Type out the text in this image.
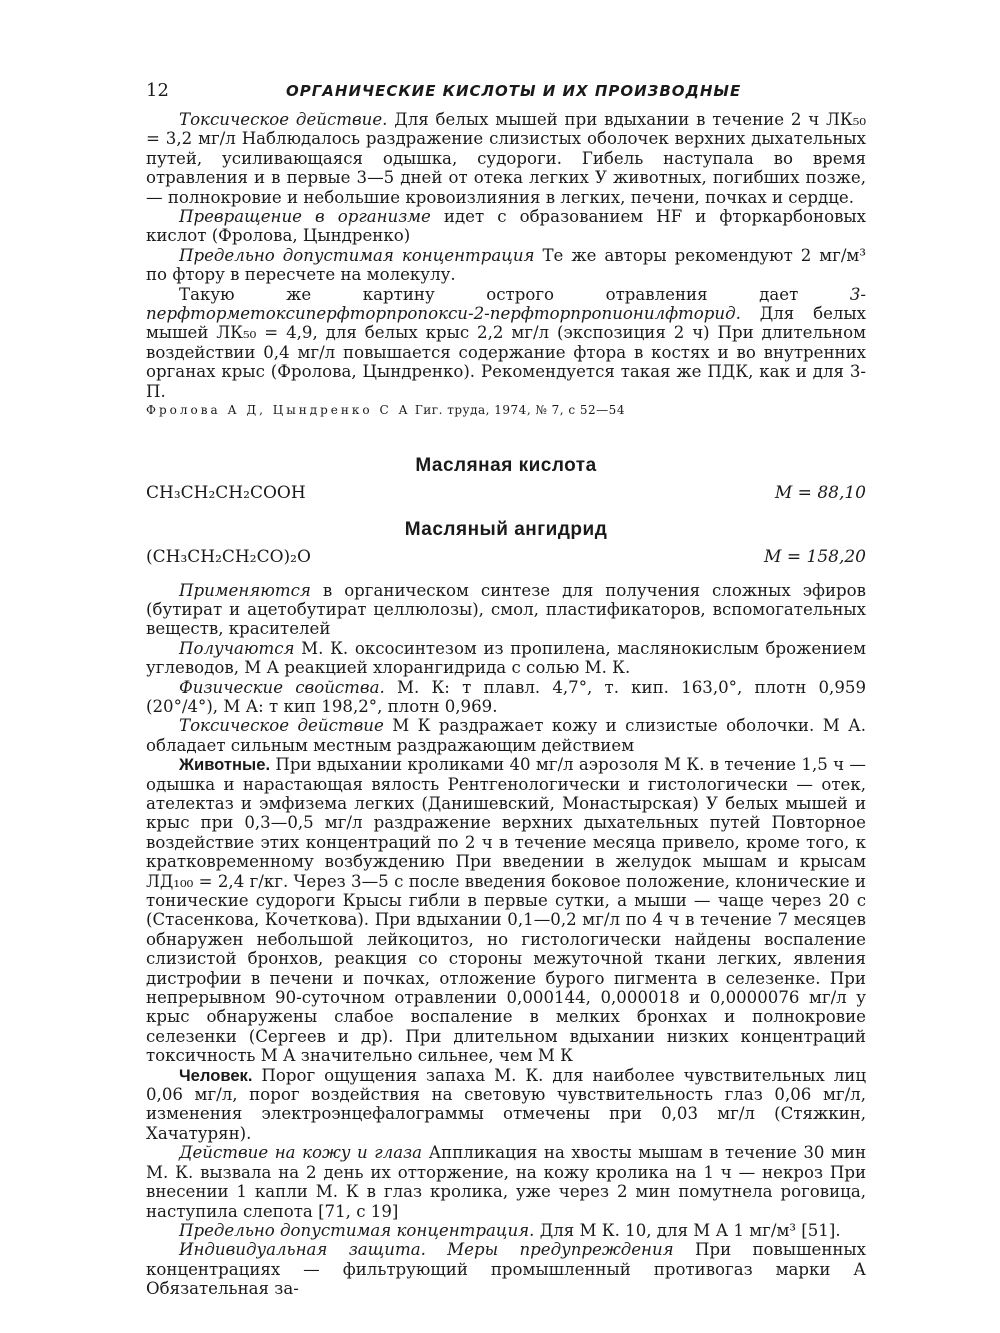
12	ОРГАНИЧЕСКИЕ КИСЛОТЫ И ИХ ПРОИЗВОДНЫЕ

Токсическое действие. Для белых мышей при вдыхании в течение 2 ч ЛК₅₀ = 3,2 мг/л Наблюдалось раздражение слизистых оболочек верхних дыхательных путей, усиливающаяся одышка, судороги. Гибель наступала во время отравления и в первые 3—5 дней от отека легких У животных, погибших позже, — полнокровие и небольшие кровоизлияния в легких, печени, почках и сердце.

Превращение в организме идет с образованием HF и фторкарбоновых кислот (Фролова, Цындренко)

Предельно допустимая концентрация Те же авторы рекомендуют 2 мг/м³ по фтору в пересчете на молекулу.

Такую же картину острого отравления дает 3-перфторметоксиперфторпропокси-2-перфторпропионилфторид. Для белых мышей ЛК₅₀ = 4,9, для белых крыс 2,2 мг/л (экспозиция 2 ч) При длительном воздействии 0,4 мг/л повышается содержание фтора в костях и во внутренних органах крыс (Фролова, Цындренко). Рекомендуется такая же ПДК, как и для 3-П.

Фролова А Д, Цындренко С А Гиг. труда, 1974, № 7, с 52—54

Масляная кислота
CH₃CH₂CH₂COOH	M = 88,10
Масляный ангидрид
(CH₃CH₂CH₂CO)₂O	M = 158,20

Применяются в органическом синтезе для получения сложных эфиров (бутират и ацетобутират целлюлозы), смол, пластификаторов, вспомогательных веществ, красителей

Получаются М. К. оксосинтезом из пропилена, маслянокислым брожением углеводов, М А реакцией хлорангидрида с солью М. К.

Физические свойства. М. К: т плавл. 4,7°, т. кип. 163,0°, плотн 0,959 (20°/4°), М А: т кип 198,2°, плотн 0,969.

Токсическое действие М К раздражает кожу и слизистые оболочки. М А. обладает сильным местным раздражающим действием

Животные. При вдыхании кроликами 40 мг/л аэрозоля М К. в течение 1,5 ч — одышка и нарастающая вялость Рентгенологически и гистологически — отек, ателектаз и эмфизема легких (Данишевский, Монастырская) У белых мышей и крыс при 0,3—0,5 мг/л раздражение верхних дыхательных путей Повторное воздействие этих концентраций по 2 ч в течение месяца привело, кроме того, к кратковременному возбуждению При введении в желудок мышам и крысам ЛД₁₀₀ = 2,4 г/кг. Через 3—5 с после введения боковое положение, клонические и тонические судороги Крысы гибли в первые сутки, а мыши — чаще через 20 с (Стасенкова, Кочеткова). При вдыхании 0,1—0,2 мг/л по 4 ч в течение 7 месяцев обнаружен небольшой лейкоцитоз, но гистологически найдены воспаление слизистой бронхов, реакция со стороны межуточной ткани легких, явления дистрофии в печени и почках, отложение бурого пигмента в селезенке. При непрерывном 90-суточном отравлении 0,000144, 0,000018 и 0,0000076 мг/л у крыс обнаружены слабое воспаление в мелких бронхах и полнокровие селезенки (Сергеев и др). При длительном вдыхании низких концентраций токсичность М А значительно сильнее, чем М К

Человек. Порог ощущения запаха М. К. для наиболее чувствительных лиц 0,06 мг/л, порог воздействия на световую чувствительность глаз 0,06 мг/л, изменения электроэнцефалограммы отмечены при 0,03 мг/л (Стяжкин, Хачатурян).

Действие на кожу и глаза Аппликация на хвосты мышам в течение 30 мин М. К. вызвала на 2 день их отторжение, на кожу кролика на 1 ч — некроз При внесении 1 капли М. К в глаз кролика, уже через 2 мин помутнела роговица, наступила слепота [71, с 19]

Предельно допустимая концентрация. Для М К. 10, для М А 1 мг/м³ [51].

Индивидуальная защита. Меры предупреждения При повышенных концентрациях — фильтрующий промышленный противогаз марки А Обязательная за-
